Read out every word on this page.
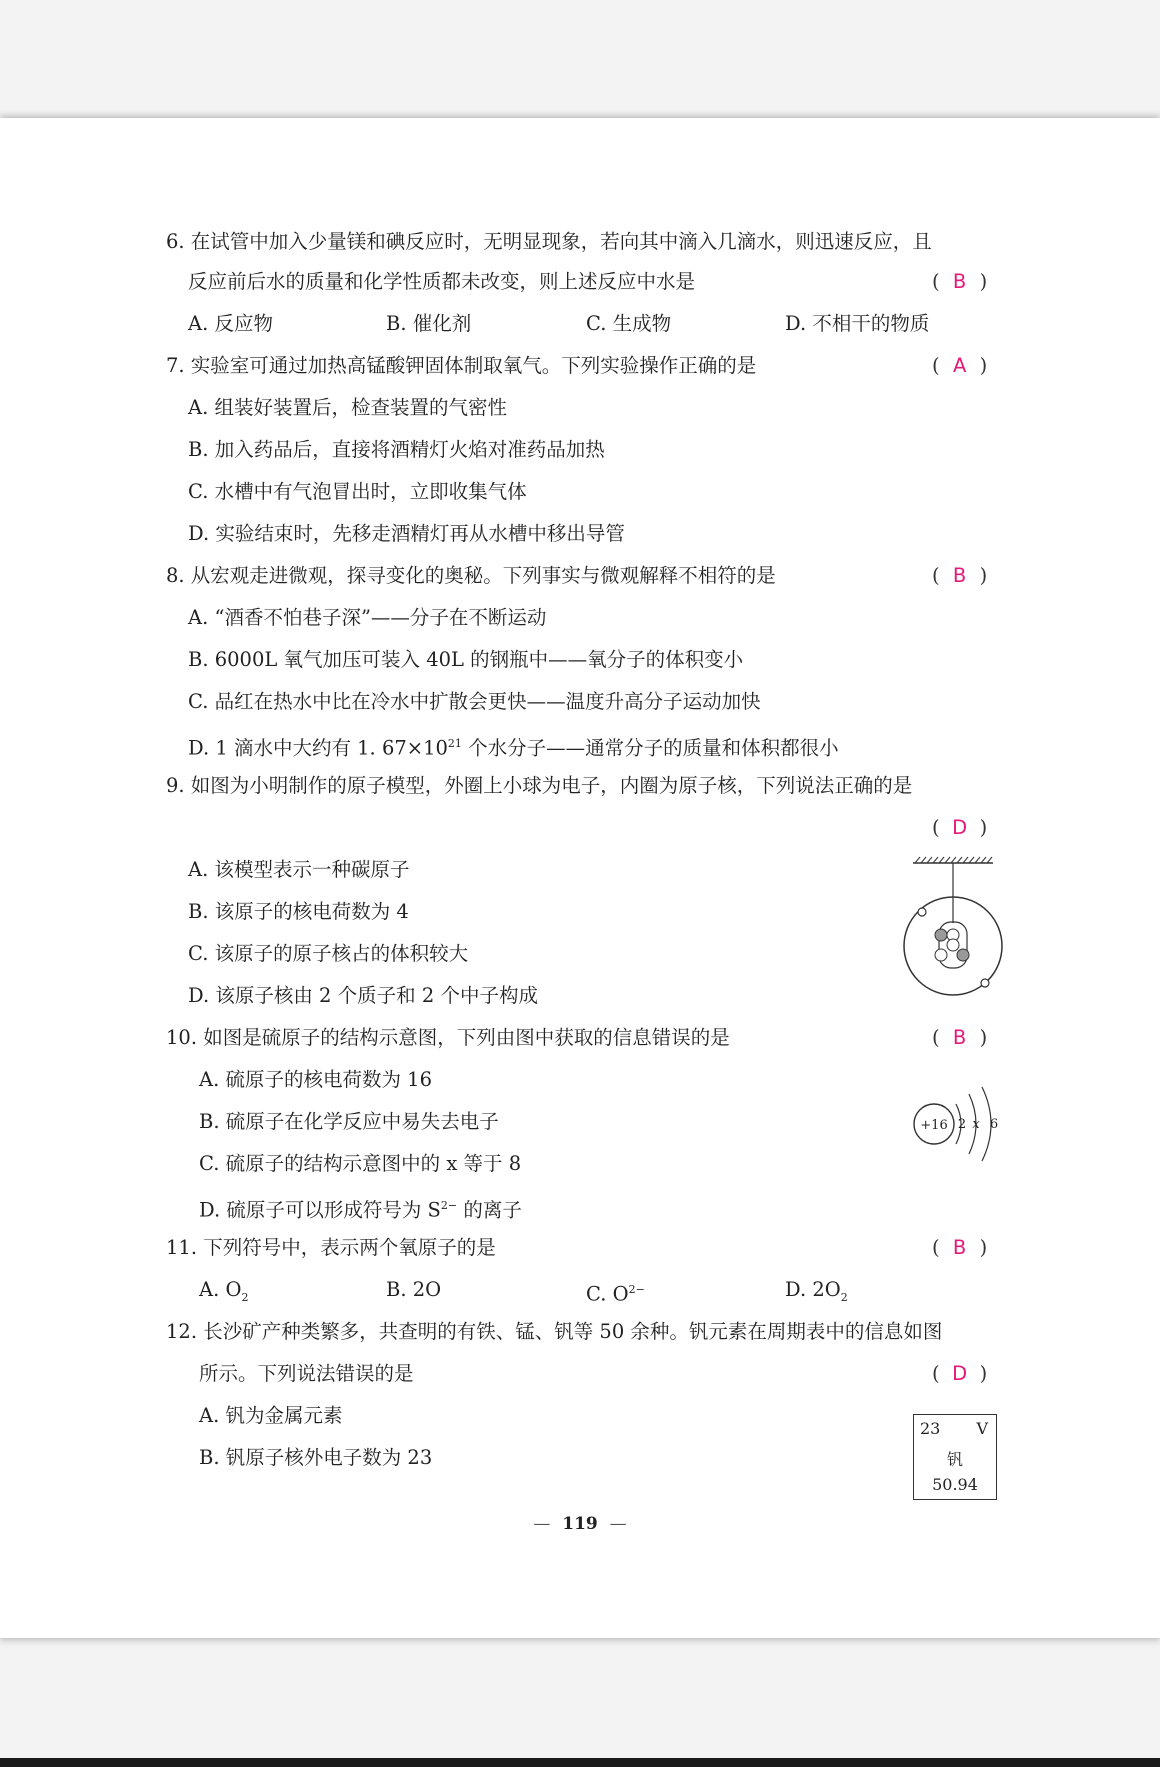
6. 在试管中加入少量镁和碘反应时，无明显现象，若向其中滴入几滴水，则迅速反应，且
反应前后水的质量和化学性质都未改变，则上述反应中水是	( B )
A. 反应物	B. 催化剂	C. 生成物	D. 不相干的物质
7. 实验室可通过加热高锰酸钾固体制取氧气。下列实验操作正确的是	( A )
A. 组装好装置后，检查装置的气密性
B. 加入药品后，直接将酒精灯火焰对准药品加热
C. 水槽中有气泡冒出时，立即收集气体
D. 实验结束时，先移走酒精灯再从水槽中移出导管
8. 从宏观走进微观，探寻变化的奥秘。下列事实与微观解释不相符的是	( B )
A. “酒香不怕巷子深”——分子在不断运动
B. 6000L 氧气加压可装入 40L 的钢瓶中——氧分子的体积变小
C. 品红在热水中比在冷水中扩散会更快——温度升高分子运动加快
D. 1 滴水中大约有 1. $67\times 10^{21}$ 个水分子——通常分子的质量和体积都很小
9. 如图为小明制作的原子模型，外圈上小球为电子，内圈为原子核，下列说法正确的是
( D )
A. 该模型表示一种碳原子
B. 该原子的核电荷数为 4
C. 该原子的原子核占的体积较大
D. 该原子核由 2 个质子和 2 个中子构成
10. 如图是硫原子的结构示意图，下列由图中获取的信息错误的是	( B )
A. 硫原子的核电荷数为 16
B. 硫原子在化学反应中易失去电子
C. 硫原子的结构示意图中的 x 等于 8
D. 硫原子可以形成符号为 $S^{2-}$ 的离子
+16 2 x 6
11. 下列符号中，表示两个氧原子的是	( B )
A. $O_2$	B. 2O	C. $O^{2-}$	D. $2O_2$
12. 长沙矿产种类繁多，共查明的有铁、锰、钒等 50 余种。钒元素在周期表中的信息如图
所示。下列说法错误的是	( D )
A. 钒为金属元素
B. 钒原子核外电子数为 23
23 V
钒
50.94
— 119 —
